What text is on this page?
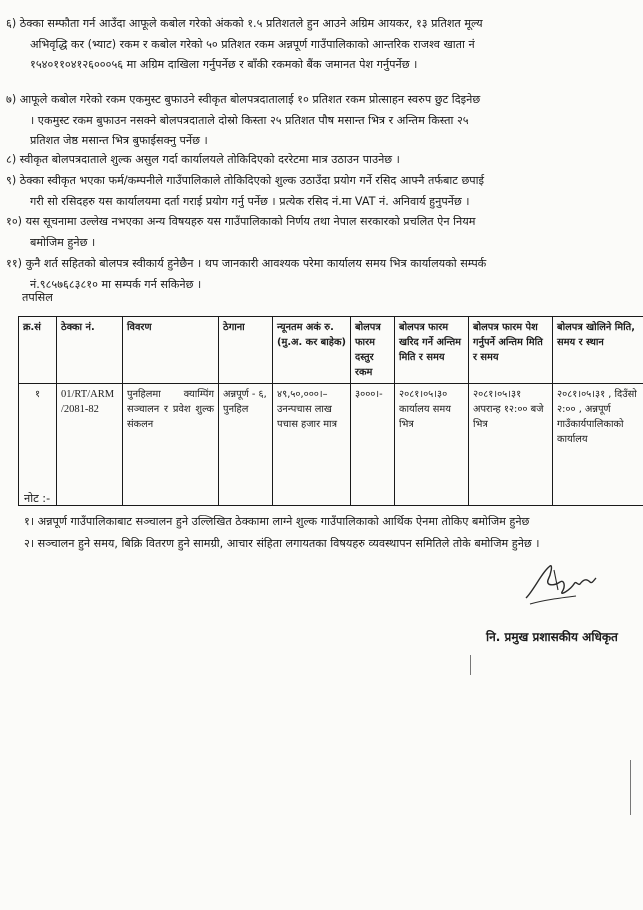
६) ठेक्का सम्फौता गर्न आउँदा आफूले कबोल गरेको अंकको १.५ प्रतिशतले हुन आउने अग्रिम आयकर, १३ प्रतिशत मूल्य
अभिवृद्धि कर (भ्याट) रकम र कबोल गरेको ५० प्रतिशत रकम अन्नपूर्ण गाउँपालिकाको आन्तरिक राजश्व खाता नं
१५४०११०४१२६०००५६ मा अग्रिम दाखिला गर्नुपर्नेछ र बाँकी रकमको बैंक जमानत पेश गर्नुपर्नेछ ।
७) आफूले कबोल गरेको रकम एकमुस्ट बुफाउने स्वीकृत बोलपत्रदातालाई १० प्रतिशत रकम प्रोत्साहन स्वरुप छुट दिइनेछ
। एकमुस्ट रकम बुफाउन नसक्ने बोलपत्रदाताले दोस्रो किस्ता २५ प्रतिशत पौष मसान्त भित्र र अन्तिम किस्ता २५
प्रतिशत जेष्ठ मसान्त भित्र बुफाईसक्नु पर्नेछ ।
८) स्वीकृत बोलपत्रदाताले शुल्क असुल गर्दा कार्यालयले तोकिदिएको दररेटमा मात्र उठाउन पाउनेछ ।
९) ठेक्का स्वीकृत भएका फर्म/कम्पनीले गाउँपालिकाले तोकिदिएको शुल्क उठाउँदा प्रयोग गर्ने रसिद आफ्नै तर्फबाट छपाई
गरी सो रसिदहरु यस कार्यालयमा दर्ता गराई प्रयोग गर्नु पर्नेछ । प्रत्येक रसिद नं.मा VAT नं. अनिवार्य हुनुपर्नेछ ।
१०) यस सूचनामा उल्लेख नभएका अन्य विषयहरु यस गाउँपालिकाको निर्णय तथा नेपाल सरकारको प्रचलित ऐन नियम
बमोजिम हुनेछ ।
११) कुनै शर्त सहितको बोलपत्र स्वीकार्य हुनेछैन । थप जानकारी आवश्यक परेमा कार्यालय समय भित्र कार्यालयको सम्पर्क
नं.९८५७६८३८१० मा सम्पर्क गर्न सकिनेछ ।
तपसिल
क्र.सं	ठेक्का नं.	विवरण	ठेगाना	न्यूनतम अकं रु. (मु.अ. कर बाहेक)	बोलपत्र फारम दस्तुर रकम	बोलपत्र फारम खरिद गर्ने अन्तिम मिति र समय	बोलपत्र फारम पेश गर्नुपर्ने अन्तिम मिति र समय	बोलपत्र खोलिने मिति, समय र स्थान
१	01/RT/ARM /2081-82	पुनहिलमा क्याम्पिंग सञ्चालन र प्रवेश शुल्क संकलन	अन्नपूर्ण - ६, पुनहिल	४९,५०,०००।– उनन्पचास लाख पचास हजार मात्र	३०००।-	२०८१।०५।३० कार्यालय समय भित्र	२०८१।०५।३१ अपरान्ह १२:०० बजे भित्र	२०८१।०५।३१ , दिउँसो २:०० , अन्नपूर्ण गाउँकार्यपालिकाको कार्यालय
नोट :-
१। अन्नपूर्ण गाउँपालिकाबाट सञ्चालन हुने उल्लिखित ठेक्कामा लाग्ने शुल्क गाउँपालिकाको आर्थिक ऐनमा तोकिए बमोजिम हुनेछ
२। सञ्चालन हुने समय, बिक्रि वितरण हुने सामग्री, आचार संहिता लगायतका विषयहरु व्यवस्थापन समितिले तोके बमोजिम हुनेछ ।
नि. प्रमुख प्रशासकीय अधिकृत
